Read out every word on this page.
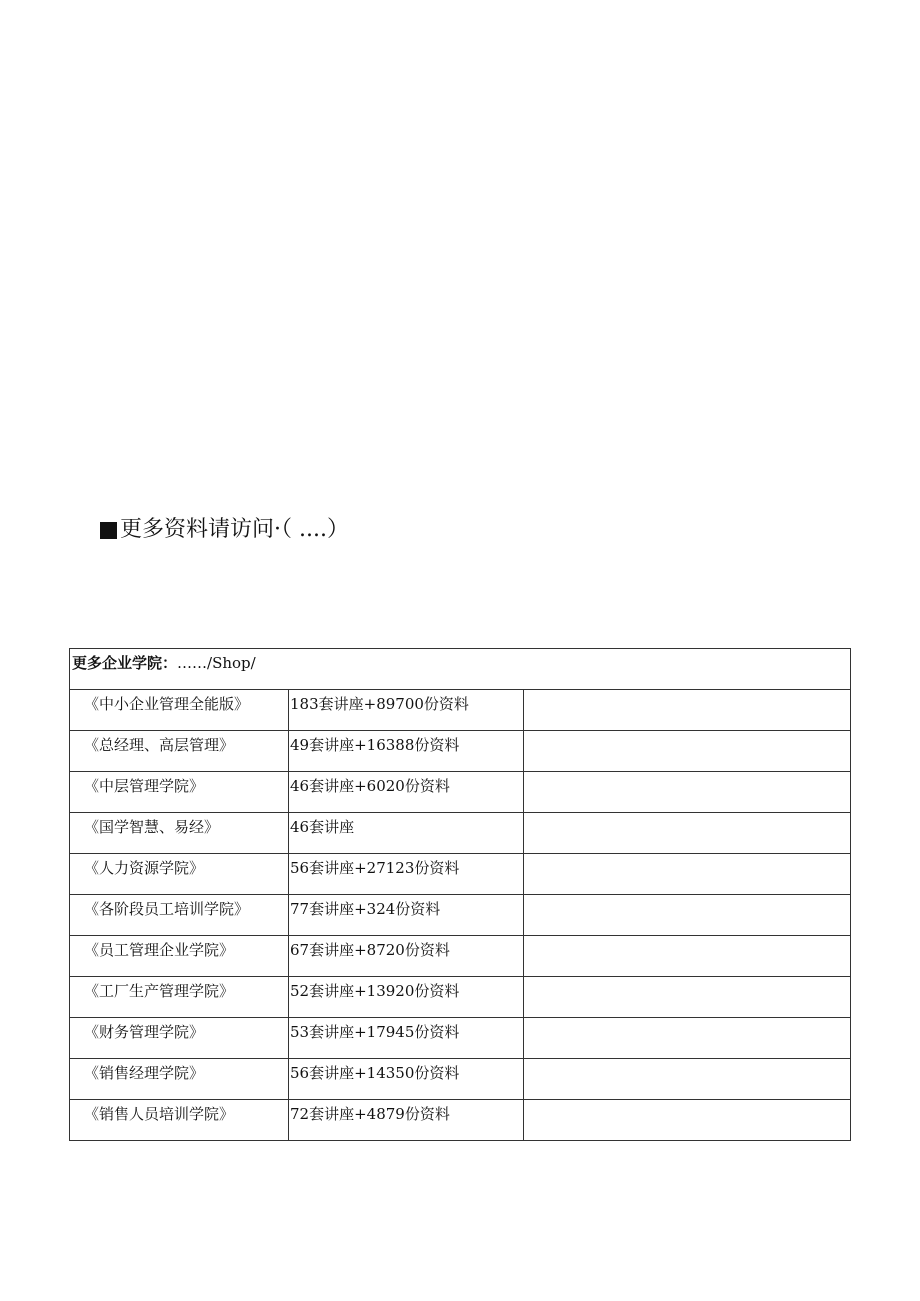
更多资料请访问·（ ....）
更多企业学院：……/Shop/		
《中小企业管理全能版》	183套讲座+89700份资料	
《总经理、高层管理》	49套讲座+16388份资料	
《中层管理学院》	46套讲座+6020份资料	
《国学智慧、易经》	46套讲座	
《人力资源学院》	56套讲座+27123份资料	
《各阶段员工培训学院》	77套讲座+324份资料	
《员工管理企业学院》	67套讲座+8720份资料	
《工厂生产管理学院》	52套讲座+13920份资料	
《财务管理学院》	53套讲座+17945份资料	
《销售经理学院》	56套讲座+14350份资料	
《销售人员培训学院》	72套讲座+4879份资料	
